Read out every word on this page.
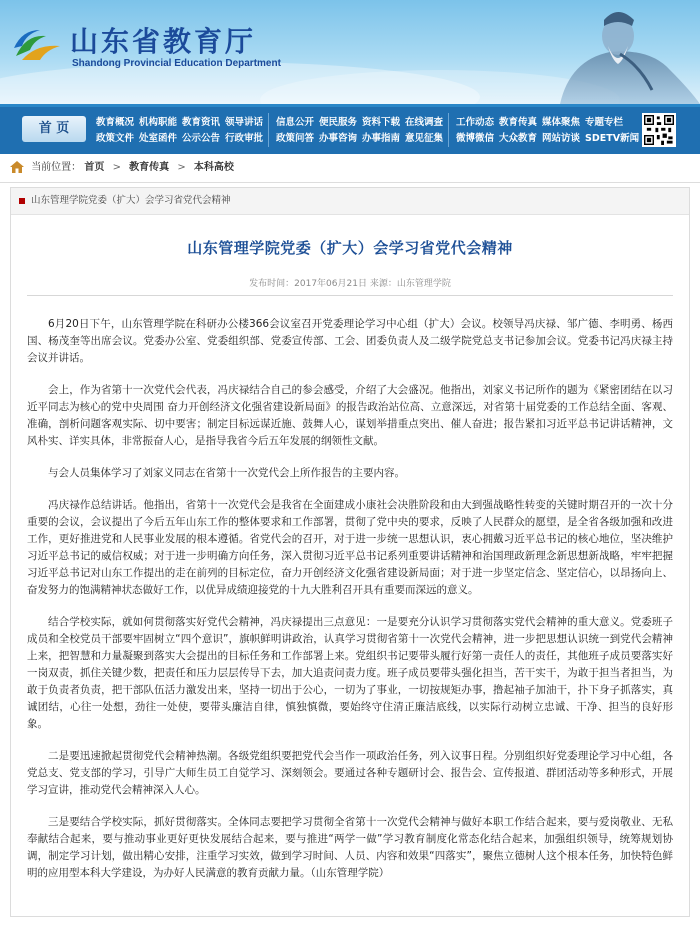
山东省教育厅
Shandong Provincial Education Department
首 页	教育概况 机构职能 教育资讯 领导讲话
政策文件 处室函件 公示公告 行政审批
信息公开 便民服务 资料下载 在线调查
政策问答 办事咨询 办事指南 意见征集
工作动态 教育传真 媒体聚焦 专题专栏
微博微信 大众教育 网站访谈 SDETV新闻
当前位置： 首页 > 教育传真 > 本科高校
山东管理学院党委（扩大）会学习省党代会精神
山东管理学院党委（扩大）会学习省党代会精神
发布时间：2017年06月21日 来源：山东管理学院

6月20日下午，山东管理学院在科研办公楼366会议室召开党委理论学习中心组（扩大）会议。校领导冯庆禄、邹广德、李明勇、杨西国、杨茂奎等出席会议。党委办公室、党委组织部、党委宣传部、工会、团委负责人及二级学院党总支书记参加会议。党委书记冯庆禄主持会议并讲话。

会上，作为省第十一次党代会代表，冯庆禄结合自己的参会感受，介绍了大会盛况。他指出，刘家义书记所作的题为《紧密团结在以习近平同志为核心的党中央周围 奋力开创经济文化强省建设新局面》的报告政治站位高、立意深远，对省第十届党委的工作总结全面、客观、准确，剖析问题客观实际、切中要害；制定目标远谋近施、鼓舞人心，谋划举措重点突出、催人奋进；报告紧扣习近平总书记讲话精神，文风朴实、详实具体，非常振奋人心，是指导我省今后五年发展的纲领性文献。

与会人员集体学习了刘家义同志在省第十一次党代会上所作报告的主要内容。

冯庆禄作总结讲话。他指出，省第十一次党代会是我省在全面建成小康社会决胜阶段和由大到强战略性转变的关键时期召开的一次十分重要的会议，会议提出了今后五年山东工作的整体要求和工作部署，贯彻了党中央的要求，反映了人民群众的愿望，是全省各级加强和改进工作，更好推进党和人民事业发展的根本遵循。省党代会的召开，对于进一步统一思想认识，衷心拥戴习近平总书记的核心地位，坚决维护习近平总书记的威信权威；对于进一步明确方向任务，深入贯彻习近平总书记系列重要讲话精神和治国理政新理念新思想新战略，牢牢把握习近平总书记对山东工作提出的走在前列的目标定位，奋力开创经济文化强省建设新局面；对于进一步坚定信念、坚定信心，以昂扬向上、奋发努力的饱满精神状态做好工作，以优异成绩迎接党的十九大胜利召开具有重要而深远的意义。

结合学校实际，就如何贯彻落实好党代会精神，冯庆禄提出三点意见：一是要充分认识学习贯彻落实党代会精神的重大意义。党委班子成员和全校党员干部要牢固树立“四个意识”，旗帜鲜明讲政治，认真学习贯彻省第十一次党代会精神，进一步把思想认识统一到党代会精神上来，把智慧和力量凝聚到落实大会提出的目标任务和工作部署上来。党组织书记要带头履行好第一责任人的责任，其他班子成员要落实好一岗双责，抓住关键少数，把责任和压力层层传导下去，加大追责问责力度。班子成员要带头强化担当，苦干实干，为敢于担当者担当，为敢于负责者负责，把干部队伍活力激发出来，坚持一切出于公心，一切为了事业，一切按规矩办事，撸起袖子加油干，扑下身子抓落实，真诚团结，心往一处想，劲往一处使，要带头廉洁自律，慎独慎微，要始终守住清正廉洁底线，以实际行动树立忠诚、干净、担当的良好形象。

二是要迅速掀起贯彻党代会精神热潮。各级党组织要把党代会当作一项政治任务，列入议事日程。分别组织好党委理论学习中心组，各党总支、党支部的学习，引导广大师生员工自觉学习、深刻领会。要通过各种专题研讨会、报告会、宣传报道、群团活动等多种形式，开展学习宣讲，推动党代会精神深入人心。

三是要结合学校实际，抓好贯彻落实。全体同志要把学习贯彻全省第十一次党代会精神与做好本职工作结合起来，要与爱岗敬业、无私奉献结合起来，要与推动事业更好更快发展结合起来，要与推进“两学一做”学习教育制度化常态化结合起来，加强组织领导，统筹规划协调，制定学习计划，做出精心安排，注重学习实效，做到学习时间、人员、内容和效果“四落实”，聚焦立德树人这个根本任务，加快特色鲜明的应用型本科大学建设，为办好人民满意的教育贡献力量。（山东管理学院）
